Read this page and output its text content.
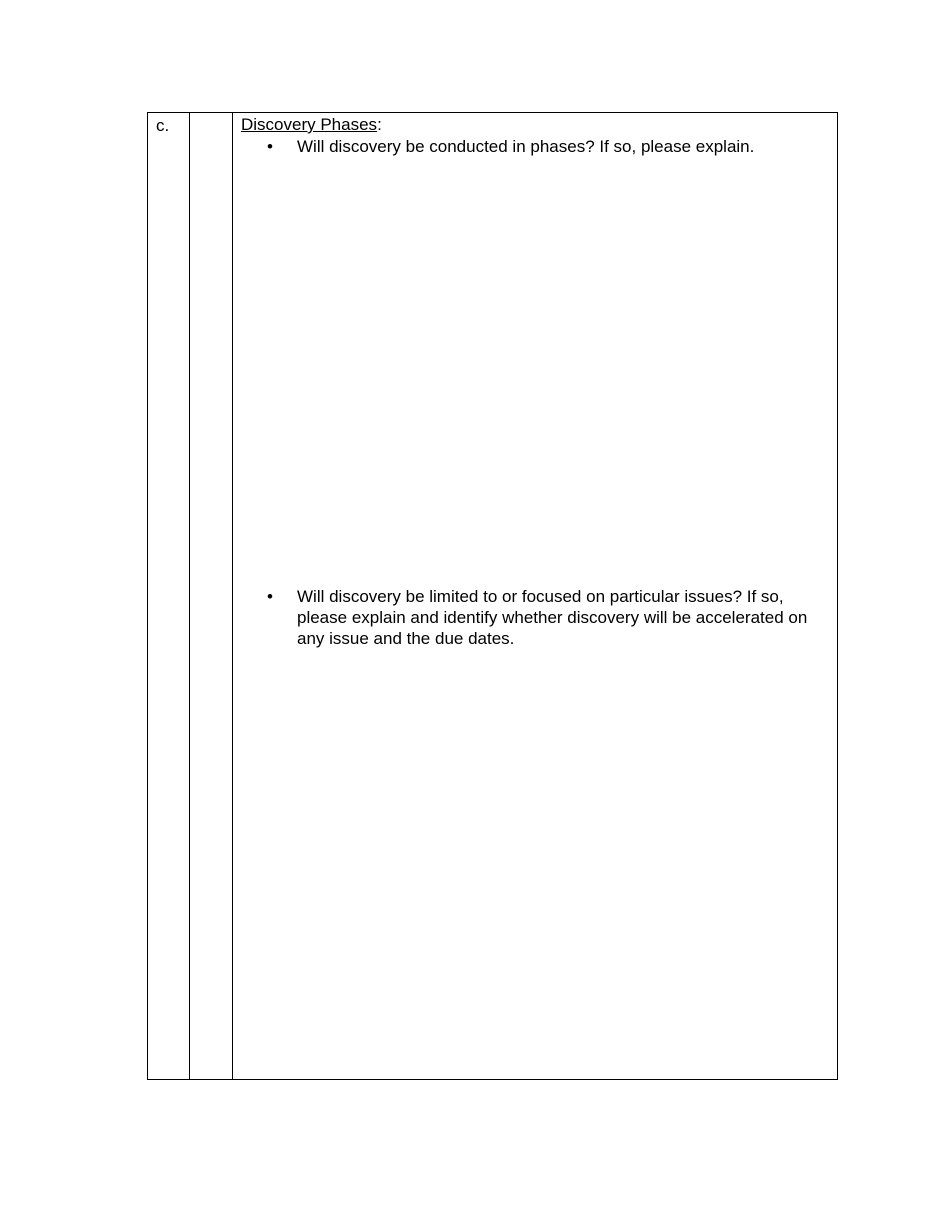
c.		Discovery Phases:
•	Will discovery be conducted in phases? If so, please explain.
•	Will discovery be limited to or focused on particular issues? If so, please explain and identify whether discovery will be accelerated on any issue and the due dates.
